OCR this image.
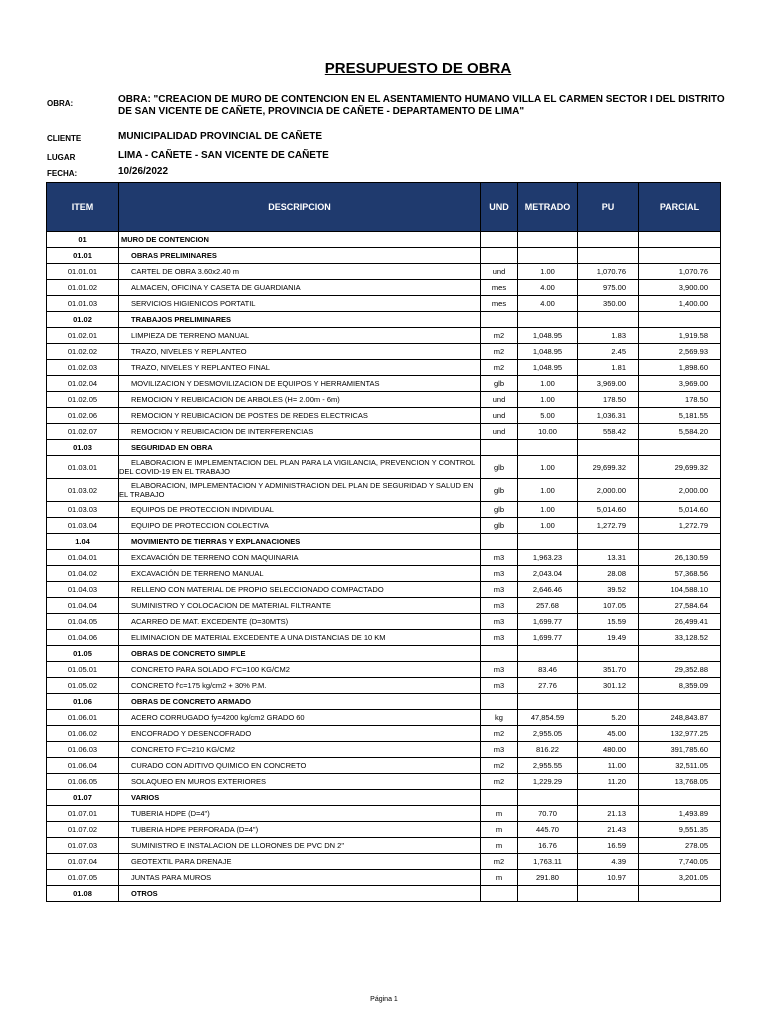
PRESUPUESTO DE OBRA
OBRA:	OBRA: "CREACION DE MURO DE CONTENCION EN EL ASENTAMIENTO HUMANO VILLA EL CARMEN SECTOR I DEL DISTRITO DE SAN VICENTE DE CAÑETE, PROVINCIA DE CAÑETE - DEPARTAMENTO DE LIMA"
CLIENTE	MUNICIPALIDAD PROVINCIAL DE CAÑETE
LUGAR	LIMA - CAÑETE - SAN VICENTE DE CAÑETE
FECHA:	10/26/2022
ITEM	DESCRIPCION	UND	METRADO	PU	PARCIAL
01	MURO DE CONTENCION				
01.01	OBRAS PRELIMINARES				
01.01.01	CARTEL DE OBRA 3.60x2.40 m	und	1.00	1,070.76	1,070.76
01.01.02	ALMACEN, OFICINA Y CASETA DE GUARDIANIA	mes	4.00	975.00	3,900.00
01.01.03	SERVICIOS HIGIENICOS PORTATIL	mes	4.00	350.00	1,400.00
01.02	TRABAJOS PRELIMINARES				
01.02.01	LIMPIEZA DE TERRENO MANUAL	m2	1,048.95	1.83	1,919.58
01.02.02	TRAZO, NIVELES Y REPLANTEO	m2	1,048.95	2.45	2,569.93
01.02.03	TRAZO, NIVELES Y REPLANTEO FINAL	m2	1,048.95	1.81	1,898.60
01.02.04	MOVILIZACION Y DESMOVILIZACION DE EQUIPOS Y HERRAMIENTAS	glb	1.00	3,969.00	3,969.00
01.02.05	REMOCION Y REUBICACION DE ARBOLES (H= 2.00m - 6m)	und	1.00	178.50	178.50
01.02.06	REMOCION Y REUBICACION DE POSTES DE REDES ELECTRICAS	und	5.00	1,036.31	5,181.55
01.02.07	REMOCION Y REUBICACION DE INTERFERENCIAS	und	10.00	558.42	5,584.20
01.03	SEGURIDAD EN OBRA				
01.03.01	ELABORACION E IMPLEMENTACION DEL PLAN PARA LA VIGILANCIA, PREVENCION Y CONTROL DEL COVID-19 EN EL TRABAJO	glb	1.00	29,699.32	29,699.32
01.03.02	ELABORACION, IMPLEMENTACION Y ADMINISTRACION DEL PLAN DE SEGURIDAD Y SALUD EN EL TRABAJO	glb	1.00	2,000.00	2,000.00
01.03.03	EQUIPOS DE PROTECCION INDIVIDUAL	glb	1.00	5,014.60	5,014.60
01.03.04	EQUIPO DE PROTECCION COLECTIVA	glb	1.00	1,272.79	1,272.79
1.04	MOVIMIENTO DE TIERRAS Y EXPLANACIONES				
01.04.01	EXCAVACIÓN DE TERRENO CON MAQUINARIA	m3	1,963.23	13.31	26,130.59
01.04.02	EXCAVACIÓN DE TERRENO MANUAL	m3	2,043.04	28.08	57,368.56
01.04.03	RELLENO CON MATERIAL DE PROPIO SELECCIONADO COMPACTADO	m3	2,646.46	39.52	104,588.10
01.04.04	SUMINISTRO Y COLOCACION DE MATERIAL FILTRANTE	m3	257.68	107.05	27,584.64
01.04.05	ACARREO DE MAT. EXCEDENTE (D=30MTS)	m3	1,699.77	15.59	26,499.41
01.04.06	ELIMINACION DE MATERIAL EXCEDENTE A UNA DISTANCIAS DE 10 KM	m3	1,699.77	19.49	33,128.52
01.05	OBRAS DE CONCRETO SIMPLE				
01.05.01	CONCRETO PARA SOLADO F'C=100 KG/CM2	m3	83.46	351.70	29,352.88
01.05.02	CONCRETO f'c=175 kg/cm2 + 30% P.M.	m3	27.76	301.12	8,359.09
01.06	OBRAS DE CONCRETO ARMADO				
01.06.01	ACERO CORRUGADO fy=4200 kg/cm2 GRADO 60	kg	47,854.59	5.20	248,843.87
01.06.02	ENCOFRADO Y DESENCOFRADO	m2	2,955.05	45.00	132,977.25
01.06.03	CONCRETO F'C=210 KG/CM2	m3	816.22	480.00	391,785.60
01.06.04	CURADO CON ADITIVO QUIMICO EN CONCRETO	m2	2,955.55	11.00	32,511.05
01.06.05	SOLAQUEO EN MUROS EXTERIORES	m2	1,229.29	11.20	13,768.05
01.07	VARIOS				
01.07.01	TUBERIA HDPE (D=4")	m	70.70	21.13	1,493.89
01.07.02	TUBERIA HDPE PERFORADA (D=4")	m	445.70	21.43	9,551.35
01.07.03	SUMINISTRO E INSTALACION DE LLORONES DE PVC DN 2"	m	16.76	16.59	278.05
01.07.04	GEOTEXTIL PARA DRENAJE	m2	1,763.11	4.39	7,740.05
01.07.05	JUNTAS PARA MUROS	m	291.80	10.97	3,201.05
01.08	OTROS				
Página 1
